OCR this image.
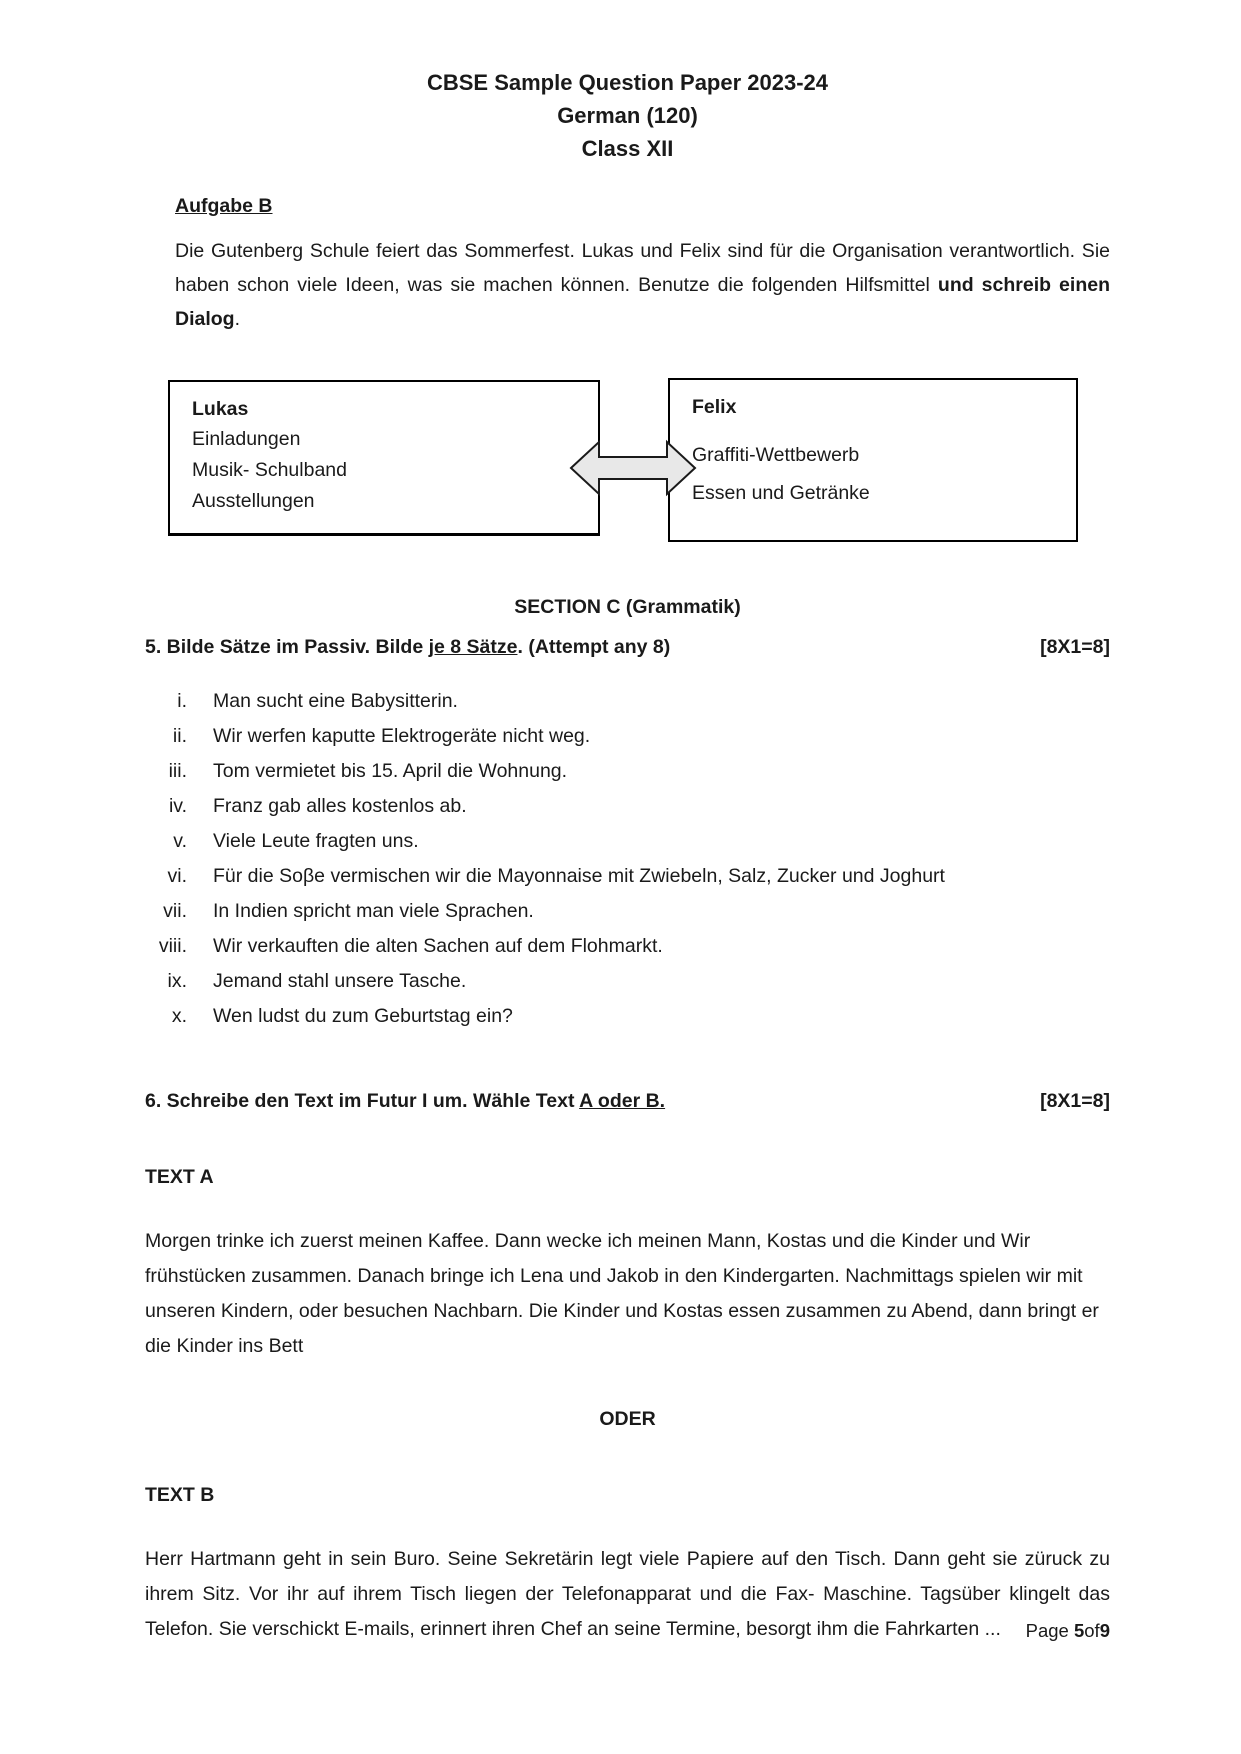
CBSE Sample Question Paper 2023-24
German (120)
Class XII
Aufgabe B
Die Gutenberg Schule feiert das Sommerfest. Lukas und Felix sind für die Organisation verantwortlich. Sie haben schon viele Ideen, was sie machen können. Benutze die folgenden Hilfsmittel und schreib einen Dialog.
Lukas
Einladungen
Musik- Schulband
Ausstellungen
Felix
Graffiti-Wettbewerb
Essen und Getränke
SECTION C (Grammatik)
5. Bilde Sätze im Passiv. Bilde je 8 Sätze. (Attempt any 8)	[8X1=8]
i. Man sucht eine Babysitterin.
ii. Wir werfen kaputte Elektrogeräte nicht weg.
iii. Tom vermietet bis 15. April die Wohnung.
iv. Franz gab alles kostenlos ab.
v. Viele Leute fragten uns.
vi. Für die Soβe vermischen wir die Mayonnaise mit Zwiebeln, Salz, Zucker und Joghurt
vii. In Indien spricht man viele Sprachen.
viii. Wir verkauften die alten Sachen auf dem Flohmarkt.
ix. Jemand stahl unsere Tasche.
x. Wen ludst du zum Geburtstag ein?
6. Schreibe den Text im Futur I um. Wähle Text A oder B.	[8X1=8]
TEXT A
Morgen trinke ich zuerst meinen Kaffee. Dann wecke ich meinen Mann, Kostas und die Kinder und Wir frühstücken zusammen. Danach bringe ich Lena und Jakob in den Kindergarten. Nachmittags spielen wir mit unseren Kindern, oder besuchen Nachbarn. Die Kinder und Kostas essen zusammen zu Abend, dann bringt er die Kinder ins Bett
ODER
TEXT B
Herr Hartmann geht in sein Buro. Seine Sekretärin legt viele Papiere auf den Tisch. Dann geht sie züruck zu ihrem Sitz. Vor ihr auf ihrem Tisch liegen der Telefonapparat und die Fax- Maschine. Tagsüber klingelt das Telefon. Sie verschickt E-mails, erinnert ihren Chef an seine Termine, besorgt ihm die Fahrkarten ...	Page 5of9
